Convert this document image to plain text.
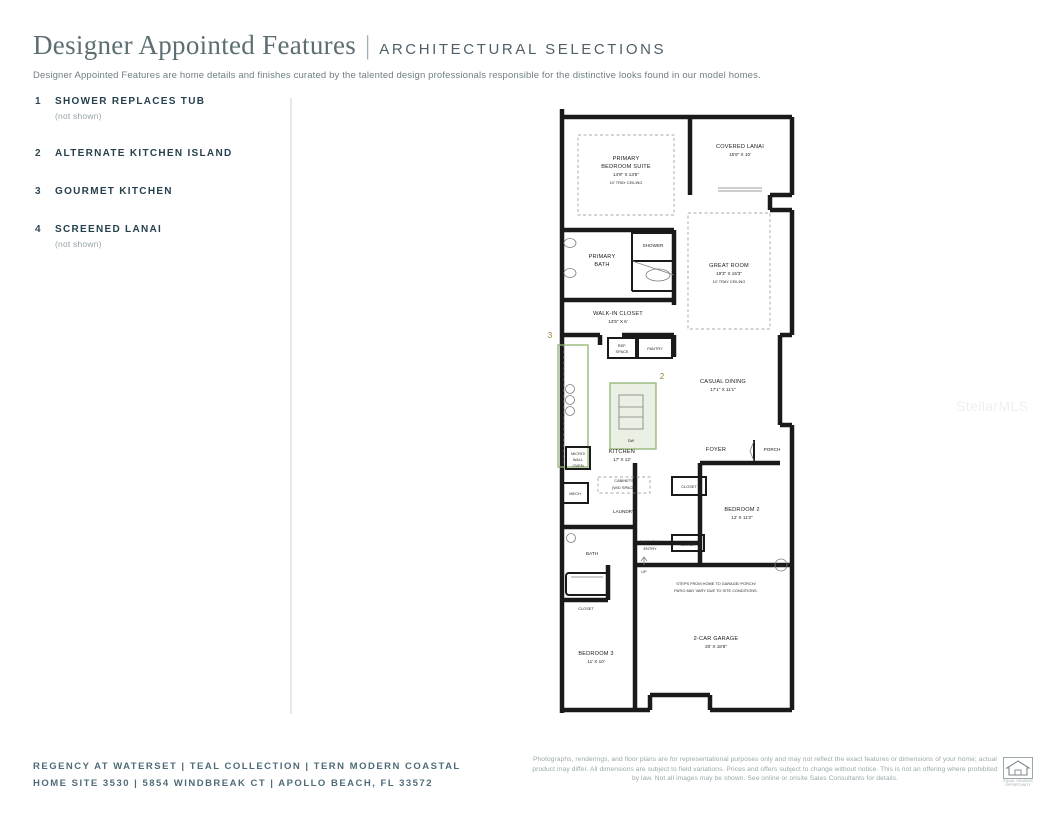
Designer Appointed Features | ARCHITECTURAL SELECTIONS
Designer Appointed Features are home details and finishes curated by the talented design professionals responsible for the distinctive looks found in our model homes.
1 SHOWER REPLACES TUB
(not shown)
2 ALTERNATE KITCHEN ISLAND
3 GOURMET KITCHEN
4 SCREENED LANAI
(not shown)
StellarMLS
PRIMARY
BEDROOM SUITE
14'9" X 13'5"
10' TRAY CEILING
COVERED LANAI
15'6" X 10'
GREAT ROOM
19'3" X 15'3"
10' TRAY CEILING
PRIMARY
BATH
SHOWER
WALK-IN CLOSET
13'5" X 6'
REF.
SPACE
PANTRY
3
2
DW
CASUAL DINING
17'1" X 11'1"
FOYER	PORCH
MICRO/
WALL
OVEN
KITCHEN
17' X 12'
CABINETS
(W/D SPACE)
LAUNDRY
MECH
CLOSET
BEDROOM 2
12' X 11'2"
BATH
EVERYDAY
ENTRY
CLOSET
UP
WH
STEPS FROM HOME TO GARAGE/ PORCH/
PATIO MAY VARY DUE TO SITE CONDITIONS.
CLOSET
BEDROOM 3
11' X 10'
2-CAR GARAGE
20' X 18'8"
REGENCY AT WATERSET | TEAL COLLECTION | TERN MODERN COASTAL
HOME SITE 3530 | 5854 WINDBREAK CT | APOLLO BEACH, FL 33572
Photographs, renderings, and floor plans are for representational purposes only and may not reflect the exact features or dimensions of your home; actual product may differ. All dimensions are subject to field variations. Prices and offers subject to change without notice. This is not an offering where prohibited by law. Not all images may be shown. See online or onsite Sales Consultants for details.	EQUAL HOUSING OPPORTUNITY
